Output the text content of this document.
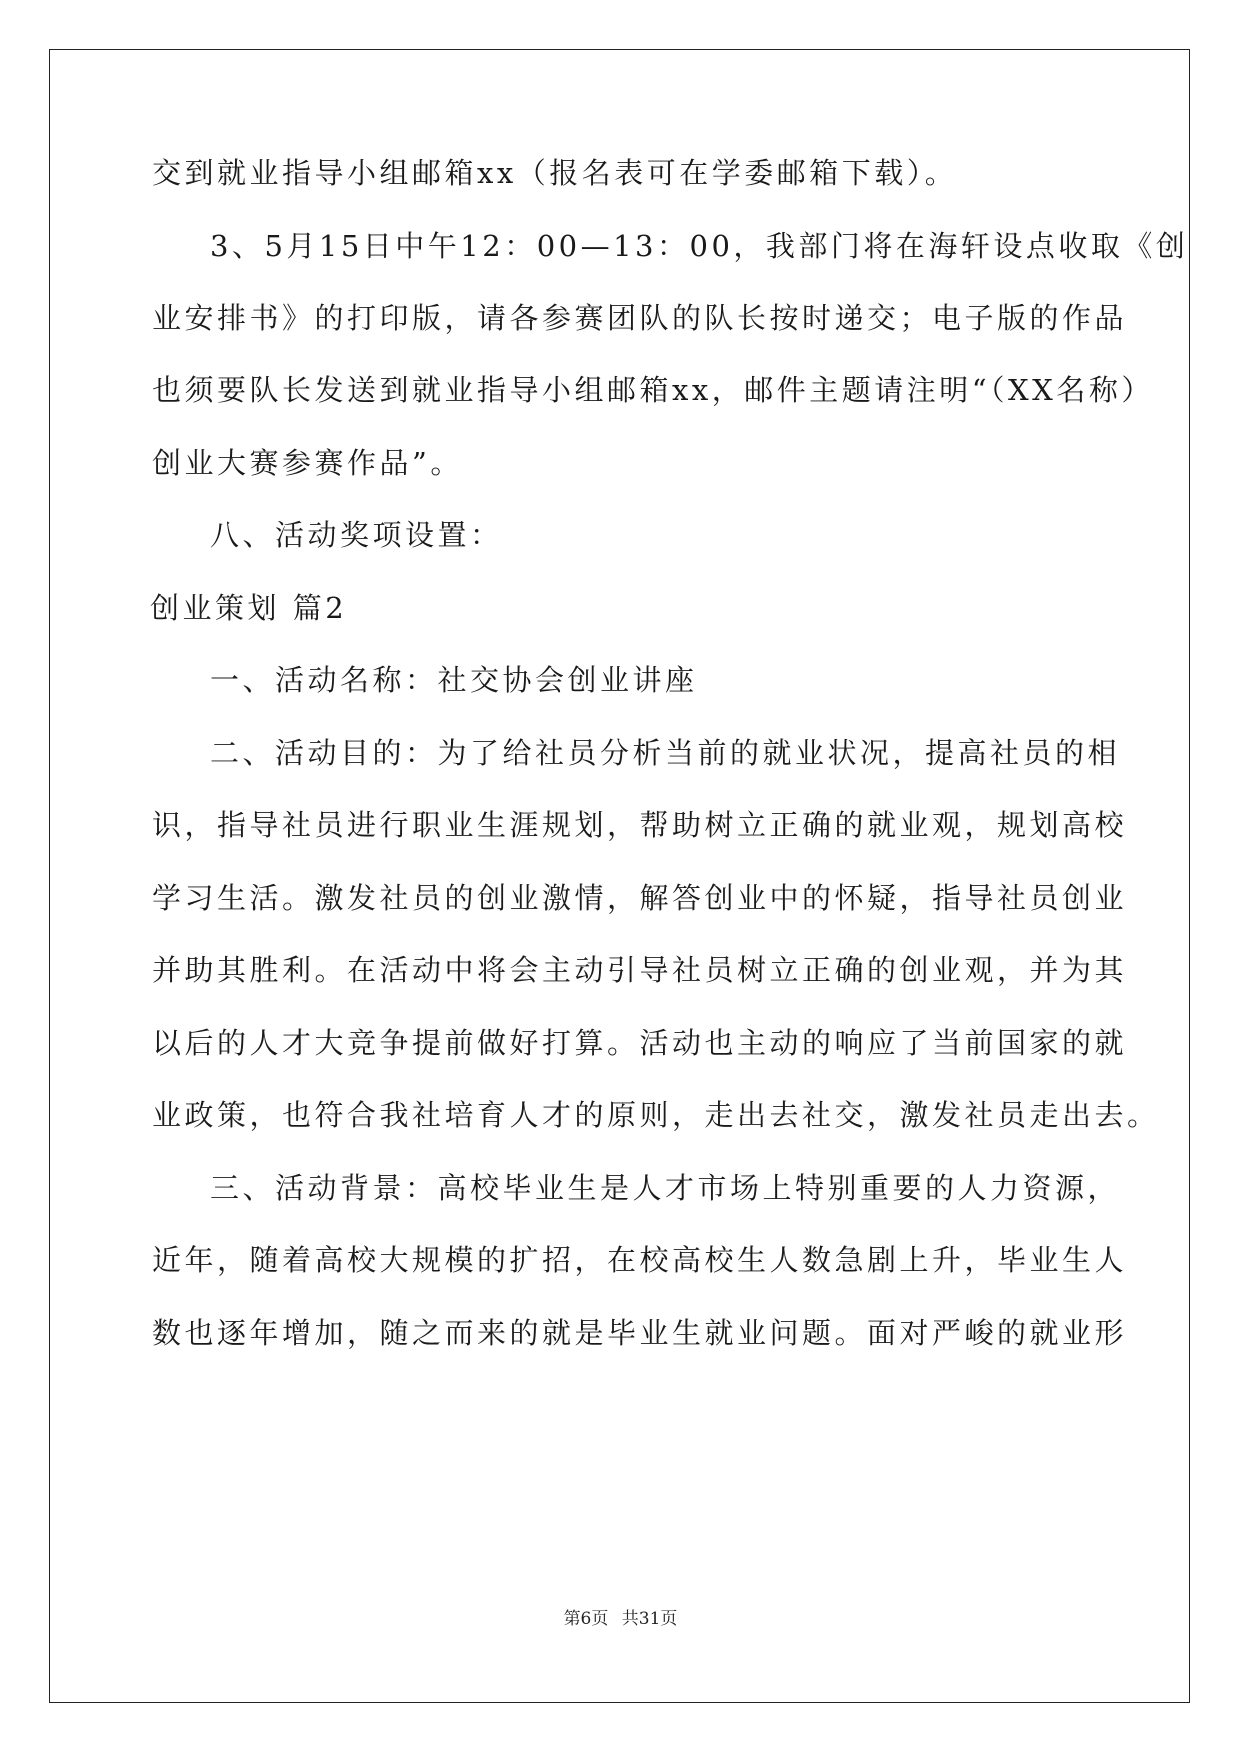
交到就业指导小组邮箱xx（报名表可在学委邮箱下载）。
3、5月15日中午12：00—13：00，我部门将在海轩设点收取《创
业安排书》的打印版，请各参赛团队的队长按时递交；电子版的作品
也须要队长发送到就业指导小组邮箱xx，邮件主题请注明“（XX名称）
创业大赛参赛作品”。
八、活动奖项设置：
创业策划 篇2
一、活动名称：社交协会创业讲座
二、活动目的：为了给社员分析当前的就业状况，提高社员的相
识，指导社员进行职业生涯规划，帮助树立正确的就业观，规划高校
学习生活。激发社员的创业激情，解答创业中的怀疑，指导社员创业
并助其胜利。在活动中将会主动引导社员树立正确的创业观，并为其
以后的人才大竞争提前做好打算。活动也主动的响应了当前国家的就
业政策，也符合我社培育人才的原则，走出去社交，激发社员走出去。
三、活动背景：高校毕业生是人才市场上特别重要的人力资源，
近年，随着高校大规模的扩招，在校高校生人数急剧上升，毕业生人
数也逐年增加，随之而来的就是毕业生就业问题。面对严峻的就业形
第6页 共31页
